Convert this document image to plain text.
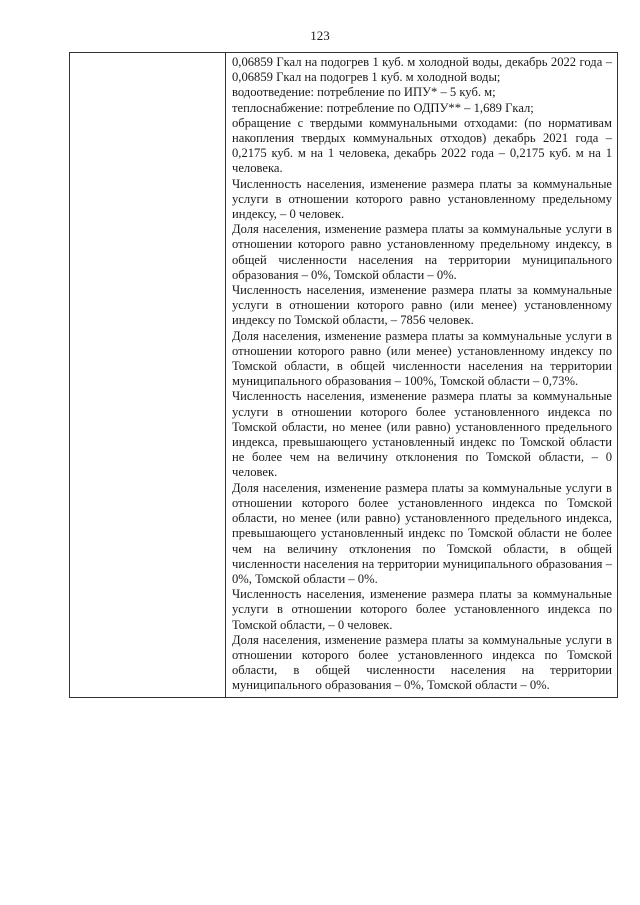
123

0,06859 Гкал на подогрев 1 куб. м холодной воды, декабрь 2022 года – 0,06859 Гкал на подогрев 1 куб. м холодной воды;

водоотведение: потребление по ИПУ* – 5 куб. м;

теплоснабжение: потребление по ОДПУ** – 1,689 Гкал;

обращение с твердыми коммунальными отходами: (по нормативам накопления твердых коммунальных отходов) декабрь 2021 года – 0,2175 куб. м на 1 человека, декабрь 2022 года – 0,2175 куб. м на 1 человека.

Численность населения, изменение размера платы за коммунальные услуги в отношении которого равно установленному предельному индексу, – 0 человек.

Доля населения, изменение размера платы за коммунальные услуги в отношении которого равно установленному предельному индексу, в общей численности населения на территории муниципального образования – 0%, Томской области – 0%.

Численность населения, изменение размера платы за коммунальные услуги в отношении которого равно (или менее) установленному индексу по Томской области, – 7856 человек.

Доля населения, изменение размера платы за коммунальные услуги в отношении которого равно (или менее) установленному индексу по Томской области, в общей численности населения на территории муниципального образования – 100%, Томской области – 0,73%.

Численность населения, изменение размера платы за коммунальные услуги в отношении которого более установленного индекса по Томской области, но менее (или равно) установленного предельного индекса, превышающего установленный индекс по Томской области не более чем на величину отклонения по Томской области, – 0 человек.

Доля населения, изменение размера платы за коммунальные услуги в отношении которого более установленного индекса по Томской области, но менее (или равно) установленного предельного индекса, превышающего установленный индекс по Томской области не более чем на величину отклонения по Томской области, в общей численности населения на территории муниципального образования – 0%, Томской области – 0%.

Численность населения, изменение размера платы за коммунальные услуги в отношении которого более установленного индекса по Томской области, – 0 человек.

Доля населения, изменение размера платы за коммунальные услуги в отношении которого более установленного индекса по Томской области, в общей численности населения на территории муниципального образования – 0%, Томской области – 0%.
